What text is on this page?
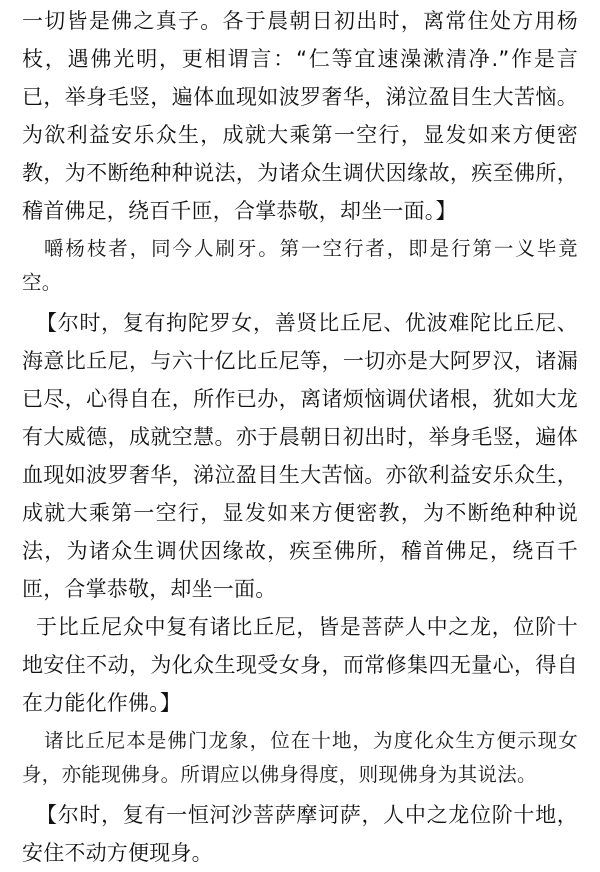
一切皆是佛之真子。各于晨朝日初出时，离常住处方用杨枝，遇佛光明，更相谓言：“仁等宜速澡漱清净.”作是言已，举身毛竖，遍体血现如波罗奢华，涕泣盈目生大苦恼。为欲利益安乐众生，成就大乘第一空行，显发如来方便密教，为不断绝种种说法，为诸众生调伏因缘故，疾至佛所，稽首佛足，绕百千匝，合掌恭敬，却坐一面。】

嚼杨枝者，同今人刷牙。第一空行者，即是行第一义毕竟空。

【尔时，复有拘陀罗女，善贤比丘尼、优波难陀比丘尼、海意比丘尼，与六十亿比丘尼等，一切亦是大阿罗汉，诸漏已尽，心得自在，所作已办，离诸烦恼调伏诸根，犹如大龙有大威德，成就空慧。亦于晨朝日初出时，举身毛竖，遍体血现如波罗奢华，涕泣盈目生大苦恼。亦欲利益安乐众生，成就大乘第一空行，显发如来方便密教，为不断绝种种说法，为诸众生调伏因缘故，疾至佛所，稽首佛足，绕百千匝，合掌恭敬，却坐一面。

于比丘尼众中复有诸比丘尼，皆是菩萨人中之龙，位阶十地安住不动，为化众生现受女身，而常修集四无量心，得自在力能化作佛。】

诸比丘尼本是佛门龙象，位在十地，为度化众生方便示现女身，亦能现佛身。所谓应以佛身得度，则现佛身为其说法。

【尔时，复有一恒河沙菩萨摩诃萨，人中之龙位阶十地，安住不动方便现身。
